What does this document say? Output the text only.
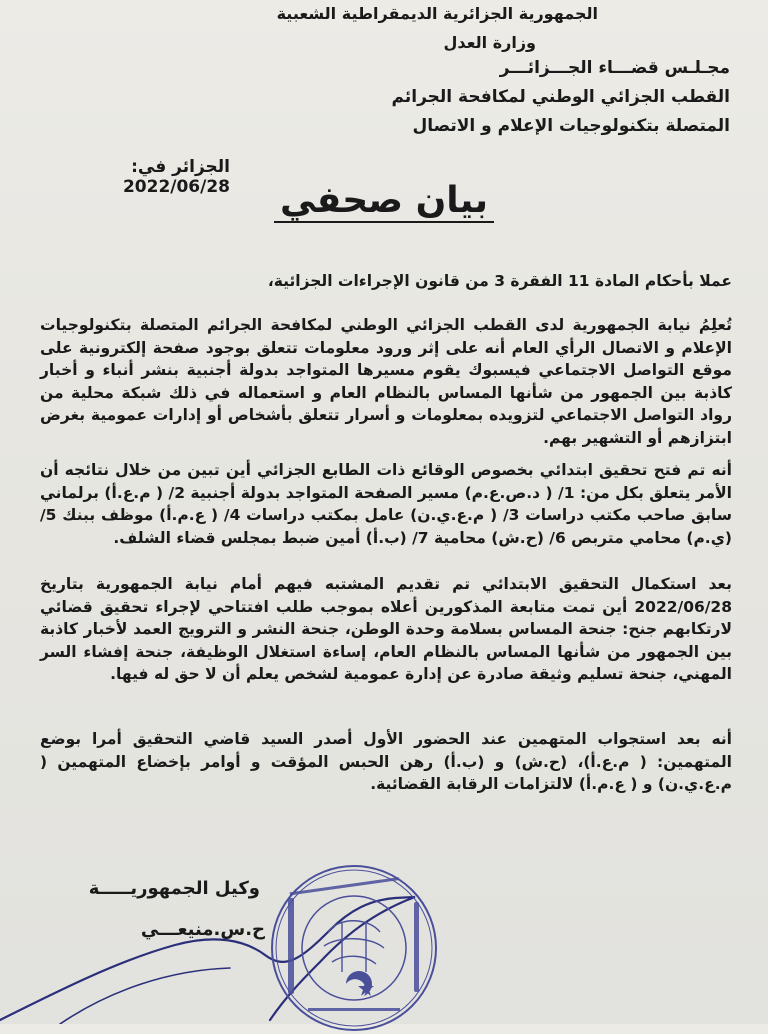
الجمهورية الجزائرية الديمقراطية الشعبية
وزارة العدل
مجـلـس قضـــاء الجـــزائـــر
القطب الجزائي الوطني لمكافحة الجرائم
المتصلة بتكنولوجيات الإعلام و الاتصال
الجزائر في: 2022/06/28	بيان صحفي
عملا بأحكام المادة 11 الفقرة 3 من قانون الإجراءات الجزائية،
تُعلِمُ نيابة الجمهورية لدى القطب الجزائي الوطني لمكافحة الجرائم المتصلة بتكنولوجيات الإعلام و الاتصال الرأي العام أنه على إثر ورود معلومات تتعلق بوجود صفحة إلكترونية على موقع التواصل الاجتماعي فيسبوك يقوم مسيرها المتواجد بدولة أجنبية بنشر أنباء و أخبار كاذبة بين الجمهور من شأنها المساس بالنظام العام و استعماله في ذلك شبكة محلية من رواد التواصل الاجتماعي لتزويده بمعلومات و أسرار تتعلق بأشخاص أو إدارات عمومية بغرض ابتزازهم أو التشهير بهم.
أنه تم فتح تحقيق ابتدائي بخصوص الوقائع ذات الطابع الجزائي أين تبين من خلال نتائجه أن الأمر يتعلق بكل من: 1/ ( د.ص.ع.م) مسير الصفحة المتواجد بدولة أجنبية 2/ ( م.ع.أ) برلماني سابق صاحب مكتب دراسات 3/ ( م.ع.ي.ن) عامل بمكتب دراسات 4/ ( ع.م.أ) موظف ببنك 5/ (ي.م) محامي متربص 6/ (ح.ش) محامية 7/ (ب.أ) أمين ضبط بمجلس قضاء الشلف.
بعد استكمال التحقيق الابتدائي تم تقديم المشتبه فيهم أمام نيابة الجمهورية بتاريخ 2022/06/28 أين تمت متابعة المذكورين أعلاه بموجب طلب افتتاحي لإجراء تحقيق قضائي لارتكابهم جنح: جنحة المساس بسلامة وحدة الوطن، جنحة النشر و الترويج العمد لأخبار كاذبة بين الجمهور من شأنها المساس بالنظام العام، إساءة استغلال الوظيفة، جنحة إفشاء السر المهني، جنحة تسليم وثيقة صادرة عن إدارة عمومية لشخص يعلم أن لا حق له فيها.
أنه بعد استجواب المتهمين عند الحضور الأول أصدر السيد قاضي التحقيق أمرا بوضع المتهمين: ( م.ع.أ)، (ح.ش) و (ب.أ) رهن الحبس المؤقت و أوامر بإخضاع المتهمين ( م.ع.ي.ن) و ( ع.م.أ) لالتزامات الرقابة القضائية.
وكيل الجمهوريـــــة
ح.س.منيعـــي
